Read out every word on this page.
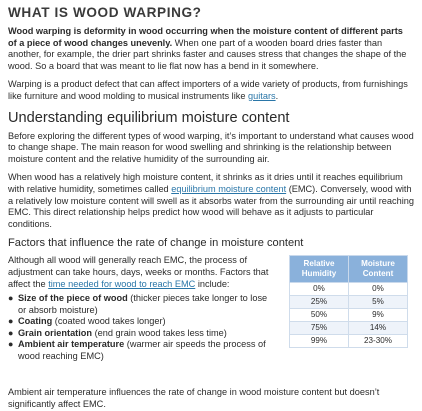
WHAT IS WOOD WARPING?

Wood warping is deformity in wood occurring when the moisture content of different parts of a piece of wood changes unevenly. When one part of a wooden board dries faster than another, for example, the drier part shrinks faster and causes stress that changes the shape of the wood. So a board that was meant to lie flat now has a bend in it somewhere.

Warping is a product defect that can affect importers of a wide variety of products, from furnishings like furniture and wood molding to musical instruments like guitars.

Understanding equilibrium moisture content

Before exploring the different types of wood warping, it’s important to understand what causes wood to change shape. The main reason for wood swelling and shrinking is the relationship between moisture content and the relative humidity of the surrounding air.

When wood has a relatively high moisture content, it shrinks as it dries until it reaches equilibrium with relative humidity, sometimes called equilibrium moisture content (EMC). Conversely, wood with a relatively low moisture content will swell as it absorbs water from the surrounding air until reaching EMC. This direct relationship helps predict how wood will behave as it adjusts to particular conditions.

Factors that influence the rate of change in moisture content

Although all wood will generally reach EMC, the process of adjustment can take hours, days, weeks or months. Factors that affect the time needed for wood to reach EMC include:

● Size of the piece of wood (thicker pieces take longer to lose or absorb moisture)
● Coating (coated wood takes longer)
● Grain orientation (end grain wood takes less time)
● Ambient air temperature (warmer air speeds the process of wood reaching EMC)
Relative Humidity	Moisture Content
0%	0%
25%	5%
50%	9%
75%	14%
99%	23-30%

Ambient air temperature influences the rate of change in wood moisture content but doesn’t significantly affect EMC.
